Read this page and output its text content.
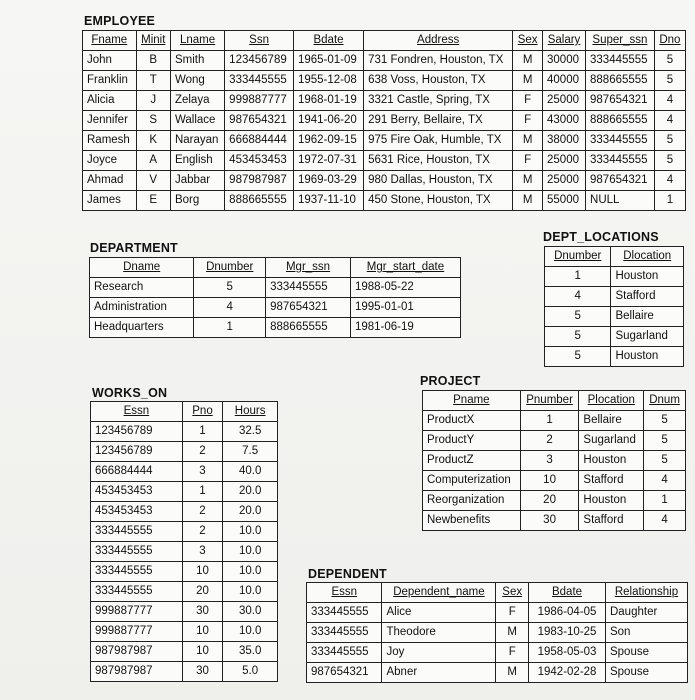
EMPLOYEE
Fname	Minit	Lname	Ssn	Bdate	Address	Sex	Salary	Super_ssn	Dno
John	B	Smith	123456789	1965-01-09	731 Fondren, Houston, TX	M	30000	333445555	5
Franklin	T	Wong	333445555	1955-12-08	638 Voss, Houston, TX	M	40000	888665555	5
Alicia	J	Zelaya	999887777	1968-01-19	3321 Castle, Spring, TX	F	25000	987654321	4
Jennifer	S	Wallace	987654321	1941-06-20	291 Berry, Bellaire, TX	F	43000	888665555	4
Ramesh	K	Narayan	666884444	1962-09-15	975 Fire Oak, Humble, TX	M	38000	333445555	5
Joyce	A	English	453453453	1972-07-31	5631 Rice, Houston, TX	F	25000	333445555	5
Ahmad	V	Jabbar	987987987	1969-03-29	980 Dallas, Houston, TX	M	25000	987654321	4
James	E	Borg	888665555	1937-11-10	450 Stone, Houston, TX	M	55000	NULL	1
DEPARTMENT
Dname	Dnumber	Mgr_ssn	Mgr_start_date
Research	5	333445555	1988-05-22
Administration	4	987654321	1995-01-01
Headquarters	1	888665555	1981-06-19
DEPT_LOCATIONS
Dnumber	Dlocation
1	Houston
4	Stafford
5	Bellaire
5	Sugarland
5	Houston
WORKS_ON
Essn	Pno	Hours
123456789	1	32.5
123456789	2	7.5
666884444	3	40.0
453453453	1	20.0
453453453	2	20.0
333445555	2	10.0
333445555	3	10.0
333445555	10	10.0
333445555	20	10.0
999887777	30	30.0
999887777	10	10.0
987987987	10	35.0
987987987	30	5.0
PROJECT
Pname	Pnumber	Plocation	Dnum
ProductX	1	Bellaire	5
ProductY	2	Sugarland	5
ProductZ	3	Houston	5
Computerization	10	Stafford	4
Reorganization	20	Houston	1
Newbenefits	30	Stafford	4
DEPENDENT
Essn	Dependent_name	Sex	Bdate	Relationship
333445555	Alice	F	1986-04-05	Daughter
333445555	Theodore	M	1983-10-25	Son
333445555	Joy	F	1958-05-03	Spouse
987654321	Abner	M	1942-02-28	Spouse
